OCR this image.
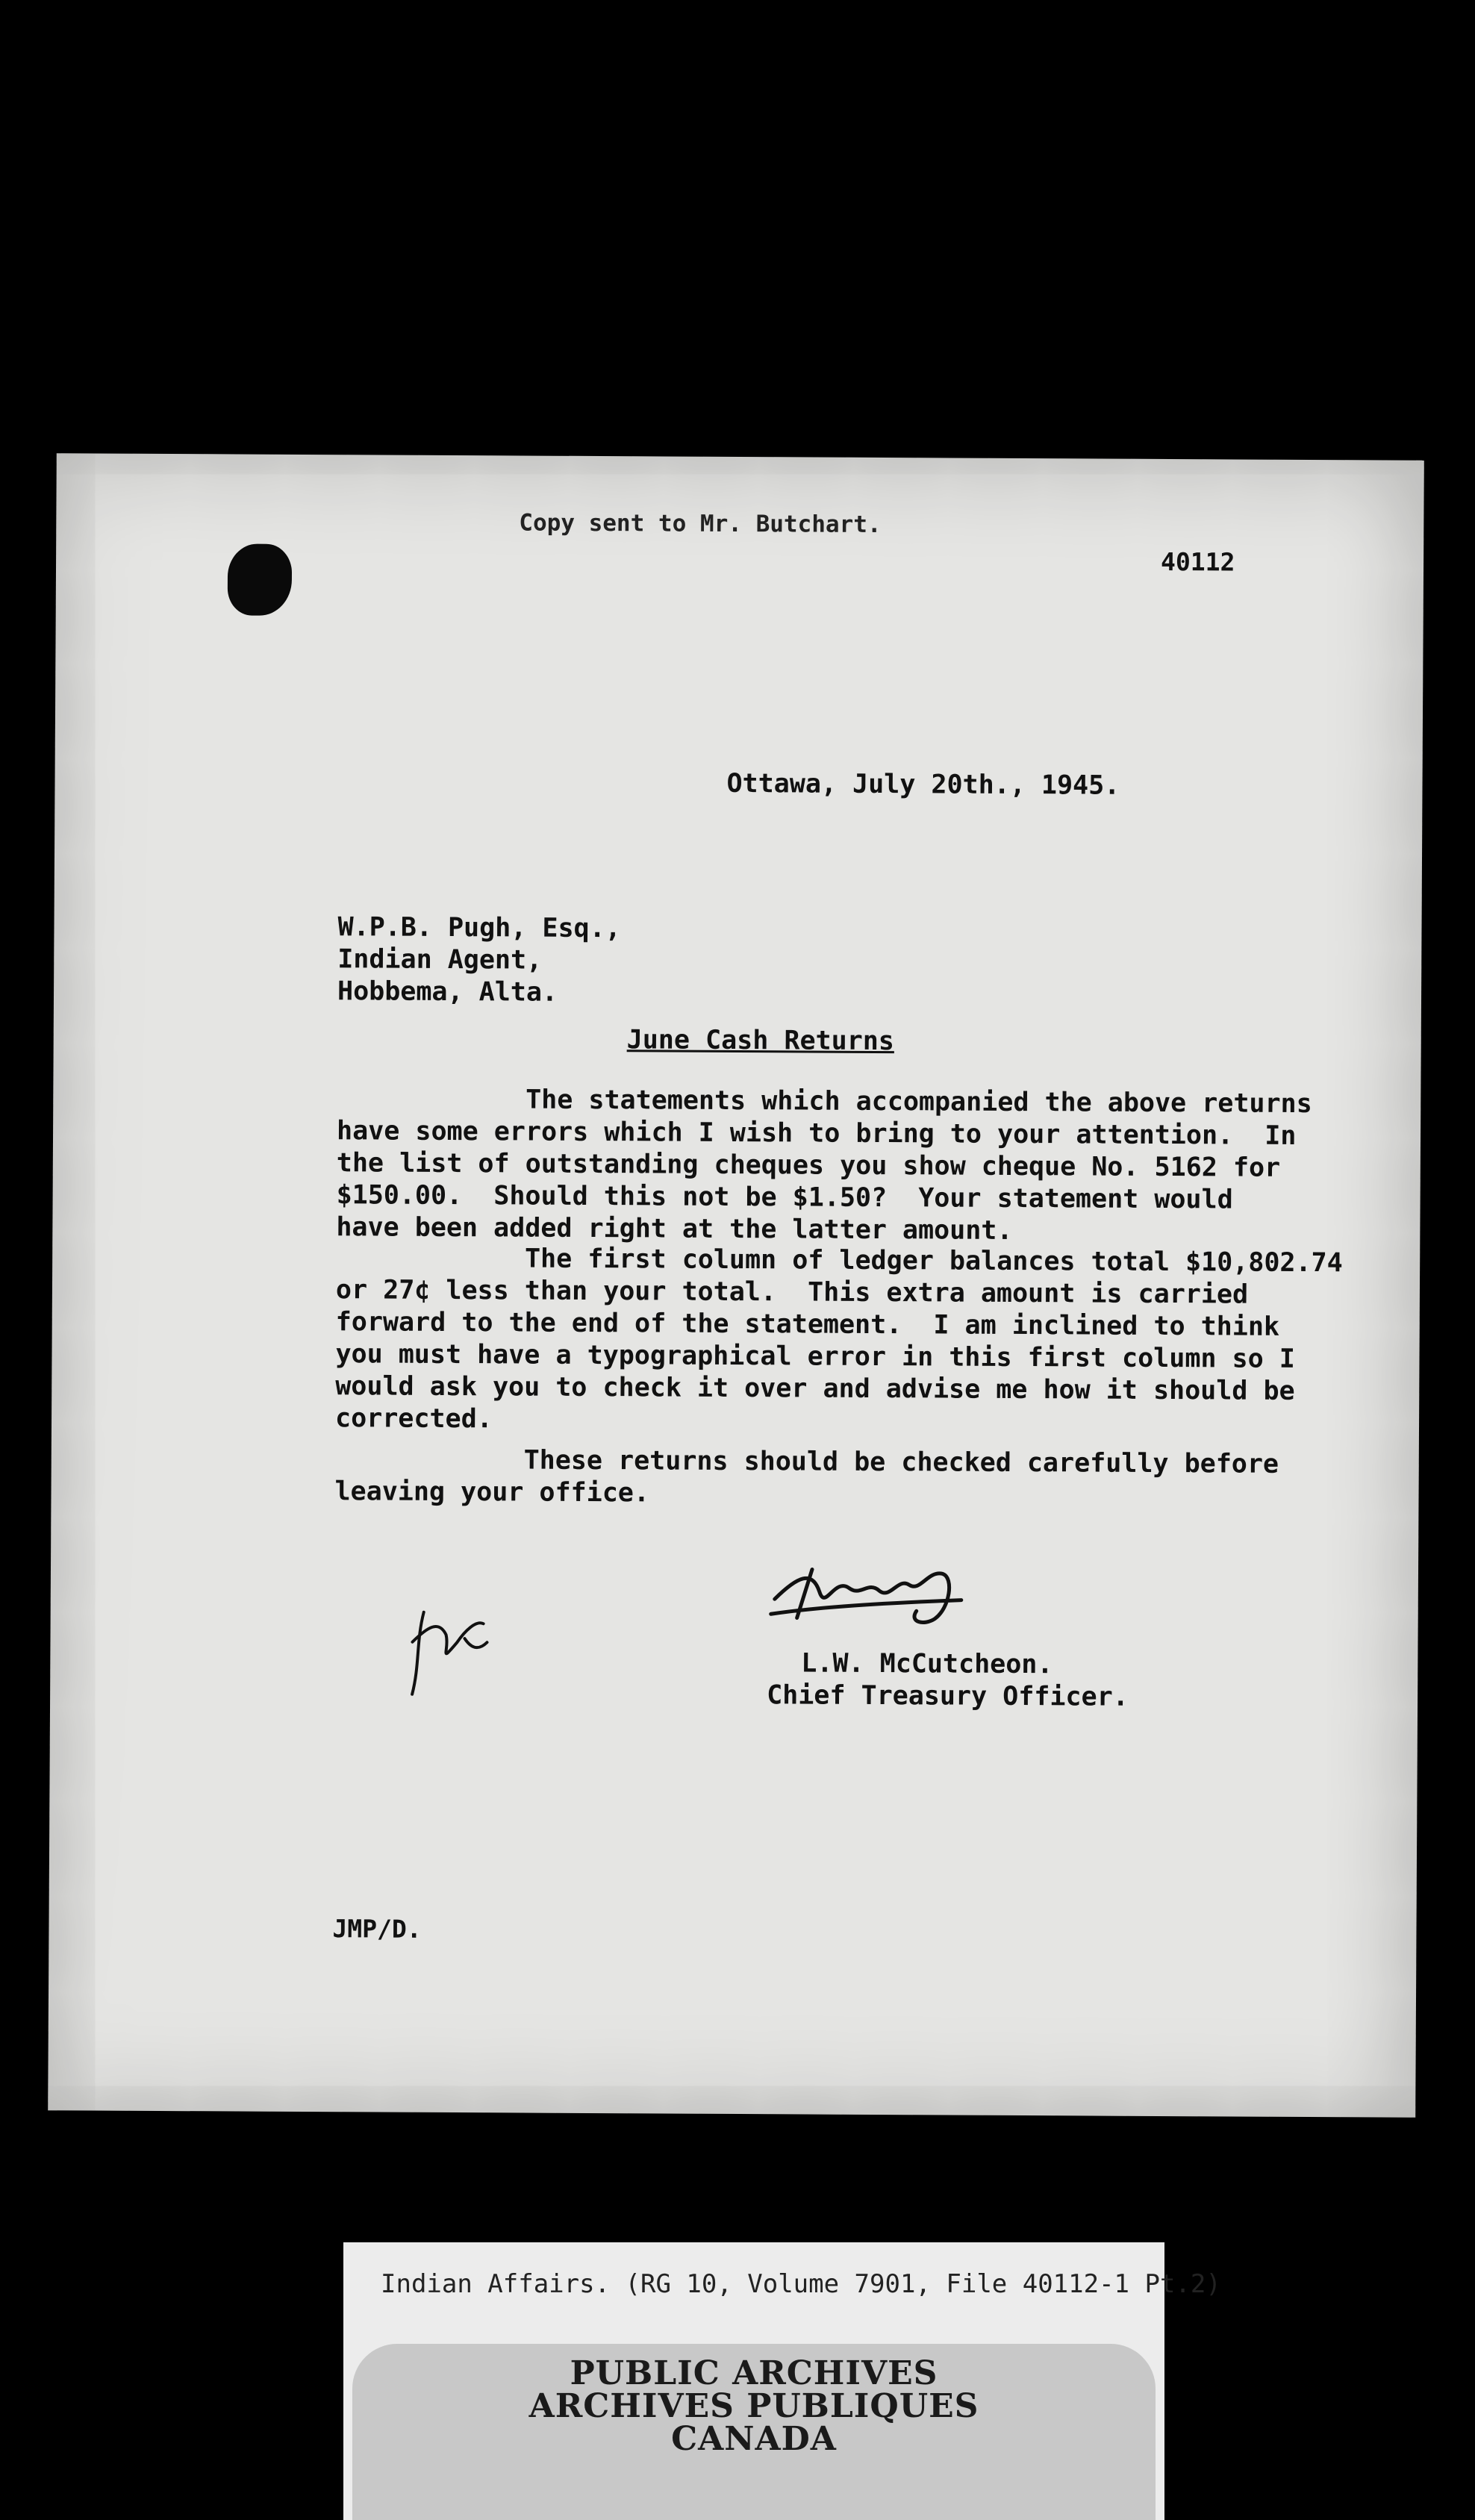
Copy sent to Mr. Butchart.
40112
Ottawa, July 20th., 1945.
W.P.B. Pugh, Esq.,
Indian Agent,
Hobbema, Alta.
June Cash Returns
The statements which accompanied the above returns
have some errors which I wish to bring to your attention.  In
the list of outstanding cheques you show cheque No. 5162 for
$150.00.  Should this not be $1.50?  Your statement would
have been added right at the latter amount.
The first column of ledger balances total $10,802.74
or 27¢ less than your total.  This extra amount is carried
forward to the end of the statement.  I am inclined to think
you must have a typographical error in this first column so I
would ask you to check it over and advise me how it should be
corrected.
These returns should be checked carefully before
leaving your office.
L.W. McCutcheon.
Chief Treasury Officer.
JMP/D.
Indian Affairs. (RG 10, Volume 7901, File 40112-1 Pt.2)
PUBLIC ARCHIVES
ARCHIVES PUBLIQUES
CANADA
